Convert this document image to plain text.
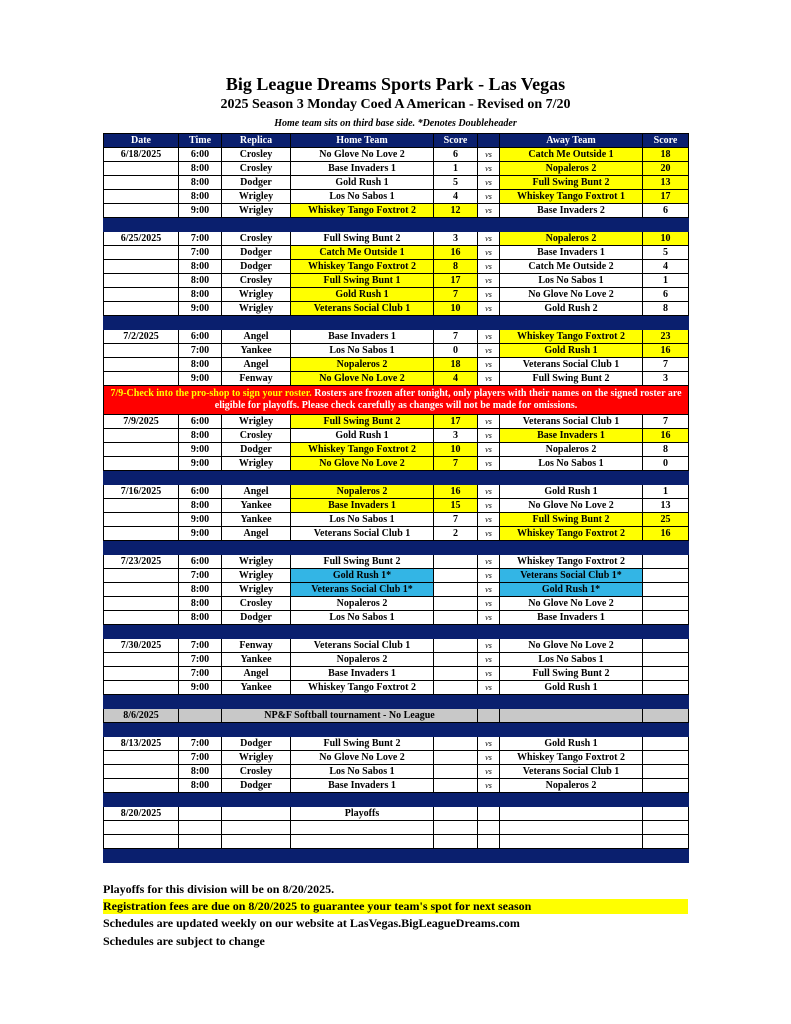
Big League Dreams Sports Park - Las Vegas
2025 Season 3 Monday Coed A American - Revised on 7/20
Home team sits on third base side. *Denotes Doubleheader
Date	Time	Replica	Home Team	Score		Away Team	Score
6/18/2025	6:00	Crosley	No Glove No Love 2	6	vs	Catch Me Outside 1	18
	8:00	Crosley	Base Invaders 1	1	vs	Nopaleros 2	20
	8:00	Dodger	Gold Rush 1	5	vs	Full Swing Bunt 2	13
	8:00	Wrigley	Los No Sabos 1	4	vs	Whiskey Tango Foxtrot 1	17
	9:00	Wrigley	Whiskey Tango Foxtrot 2	12	vs	Base Invaders 2	6

6/25/2025	7:00	Crosley	Full Swing Bunt 2	3	vs	Nopaleros 2	10
	7:00	Dodger	Catch Me Outside 1	16	vs	Base Invaders 1	5
	8:00	Dodger	Whiskey Tango Foxtrot 2	8	vs	Catch Me Outside 2	4
	8:00	Crosley	Full Swing Bunt 1	17	vs	Los No Sabos 1	1
	8:00	Wrigley	Gold Rush 1	7	vs	No Glove No Love 2	6
	9:00	Wrigley	Veterans Social Club 1	10	vs	Gold Rush 2	8

7/2/2025	6:00	Angel	Base Invaders 1	7	vs	Whiskey Tango Foxtrot 2	23
	7:00	Yankee	Los No Sabos 1	0	vs	Gold Rush 1	16
	8:00	Angel	Nopaleros 2	18	vs	Veterans Social Club 1	7
	9:00	Fenway	No Glove No Love 2	4	vs	Full Swing Bunt 2	3
7/9-Check into the pro-shop to sign your roster. Rosters are frozen after tonight, only players with their names on the signed roster are eligible for playoffs. Please check carefully as changes will not be made for omissions.							
7/9/2025	6:00	Wrigley	Full Swing Bunt 2	17	vs	Veterans Social Club 1	7
	8:00	Crosley	Gold Rush 1	3	vs	Base Invaders 1	16
	9:00	Dodger	Whiskey Tango Foxtrot 2	10	vs	Nopaleros 2	8
	9:00	Wrigley	No Glove No Love 2	7	vs	Los No Sabos 1	0

7/16/2025	6:00	Angel	Nopaleros 2	16	vs	Gold Rush 1	1
	8:00	Yankee	Base Invaders 1	15	vs	No Glove No Love 2	13
	9:00	Yankee	Los No Sabos 1	7	vs	Full Swing Bunt 2	25
	9:00	Angel	Veterans Social Club 1	2	vs	Whiskey Tango Foxtrot 2	16

7/23/2025	6:00	Wrigley	Full Swing Bunt 2		vs	Whiskey Tango Foxtrot 2	
	7:00	Wrigley	Gold Rush 1*		vs	Veterans Social Club 1*	
	8:00	Wrigley	Veterans Social Club 1*		vs	Gold Rush 1*	
	8:00	Crosley	Nopaleros 2		vs	No Glove No Love 2	
	8:00	Dodger	Los No Sabos 1		vs	Base Invaders 1	

7/30/2025	7:00	Fenway	Veterans Social Club 1		vs	No Glove No Love 2	
	7:00	Yankee	Nopaleros 2		vs	Los No Sabos 1	
	7:00	Angel	Base Invaders 1		vs	Full Swing Bunt 2	
	9:00	Yankee	Whiskey Tango Foxtrot 2		vs	Gold Rush 1	

8/6/2025		NP&F Softball tournament - No League					

8/13/2025	7:00	Dodger	Full Swing Bunt 2		vs	Gold Rush 1	
	7:00	Wrigley	No Glove No Love 2		vs	Whiskey Tango Foxtrot 2	
	8:00	Crosley	Los No Sabos 1		vs	Veterans Social Club 1	
	8:00	Dodger	Base Invaders 1		vs	Nopaleros 2	

8/20/2025			Playoffs				

Playoffs for this division will be on 8/20/2025.
Registration fees are due on 8/20/2025 to guarantee your team's spot for next season
Schedules are updated weekly on our website at LasVegas.BigLeagueDreams.com
Schedules are subject to change
